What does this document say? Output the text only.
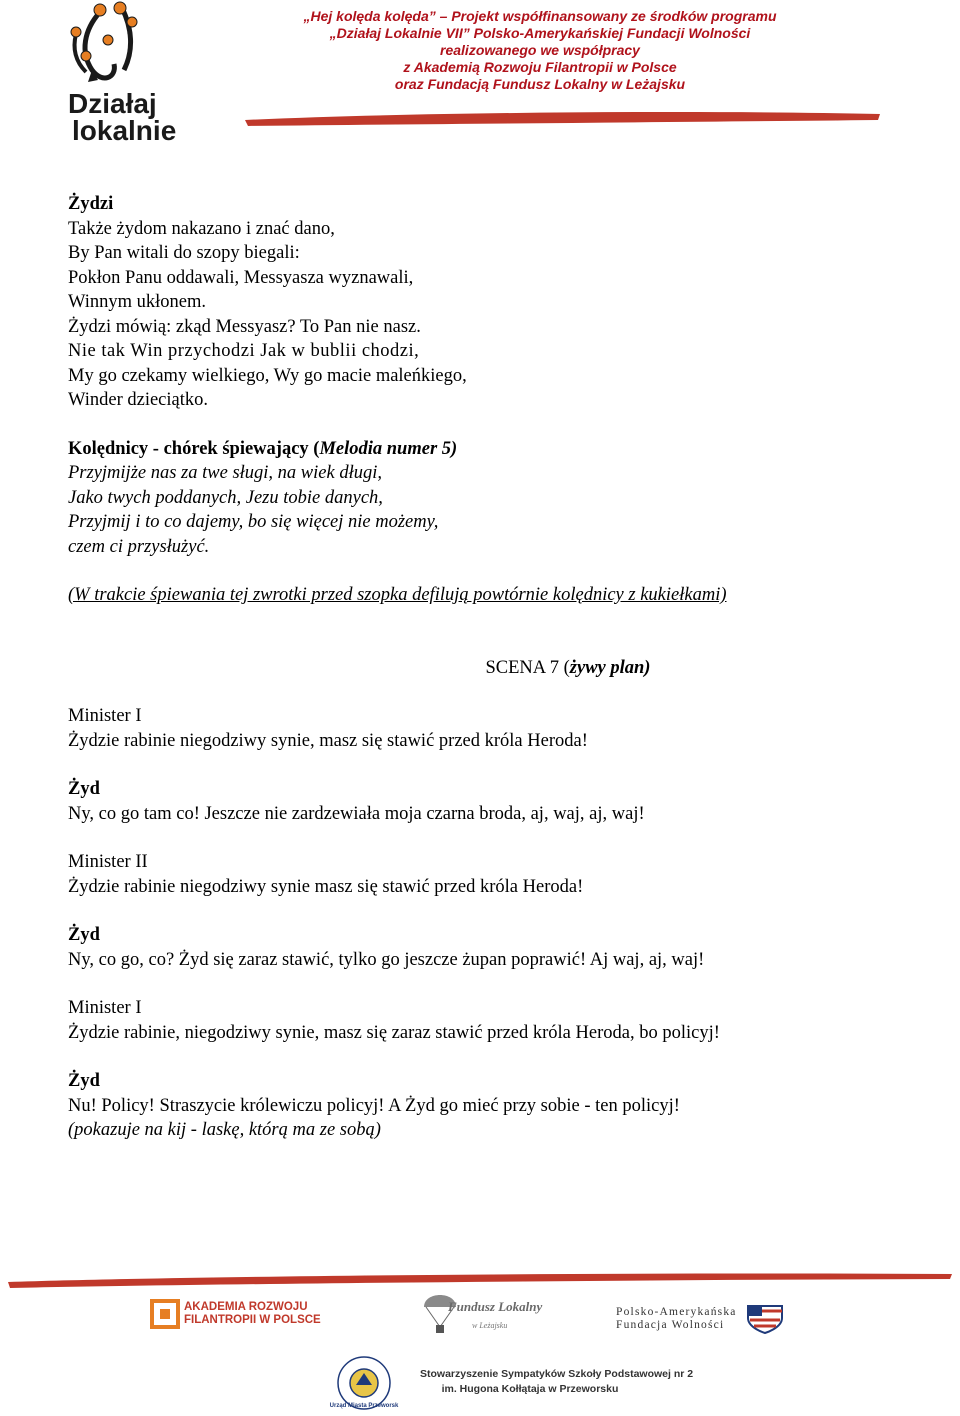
Działaj
lokalnie
„Hej kolęda kolęda” – Projekt współfinansowany ze środków programu
„Działaj Lokalnie VII” Polsko-Amerykańskiej Fundacji Wolności
realizowanego we współpracy
z Akademią Rozwoju Filantropii w Polsce
oraz Fundacją Fundusz Lokalny w Leżajsku
Żydzi
Także żydom nakazano i znać dano,
By Pan witali do szopy biegali:
Pokłon Panu oddawali, Messyasza wyznawali,
Winnym ukłonem.
Żydzi mówią: zkąd Messyasz? To Pan nie nasz.
Nie tak Win przychodzi Jak w bublii chodzi,
My go czekamy wielkiego, Wy go macie maleńkiego,
Winder dzieciątko.
Kolędnicy - chórek śpiewający (Melodia numer 5)
Przyjmijże nas za twe sługi, na wiek długi,
Jako twych poddanych, Jezu tobie danych,
Przyjmij i to co dajemy, bo się więcej nie możemy,
czem ci przysłużyć.
(W trakcie śpiewania tej zwrotki przed szopka defilują powtórnie kolędnicy z kukiełkami)
SCENA 7 (żywy plan)
Minister I
Żydzie rabinie niegodziwy synie, masz się stawić przed króla Heroda!
Żyd
Ny, co go tam co! Jeszcze nie zardzewiała moja czarna broda, aj, waj, aj, waj!
Minister II
Żydzie rabinie niegodziwy synie masz się stawić przed króla Heroda!
Żyd
Ny, co go, co? Żyd się zaraz stawić, tylko go jeszcze żupan poprawić! Aj waj, aj, waj!
Minister I
Żydzie rabinie, niegodziwy synie, masz się zaraz stawić przed króla Heroda, bo policyj!
Żyd
Nu! Policy! Straszycie królewiczu policyj! A Żyd go mieć przy sobie - ten policyj!
(pokazuje na kij - laskę, którą ma ze sobą)
AKADEMIA ROZWOJU
FILANTROPII W POLSCE
Fundusz Lokalny
w Leżajsku
Polsko-Amerykańska
Fundacja Wolności
Urząd Miasta Przeworsk
Stowarzyszenie Sympatyków Szkoły Podstawowej nr 2
im. Hugona Kołłątaja w Przeworsku
